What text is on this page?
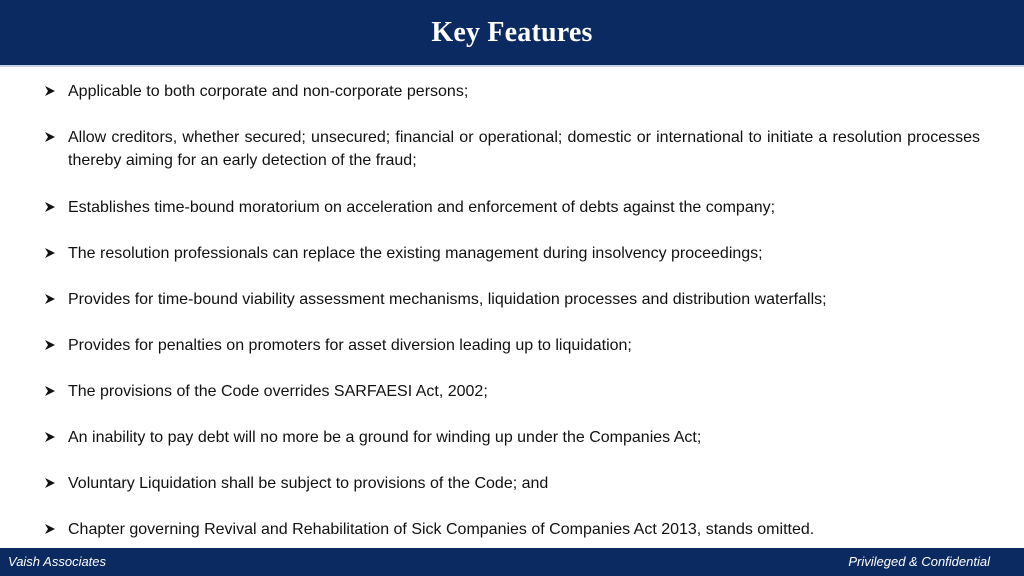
Key Features
Applicable to both corporate and non-corporate persons;
Allow creditors, whether secured; unsecured; financial or operational; domestic or international to initiate a resolution processes thereby aiming for an early detection of the fraud;
Establishes time-bound moratorium on acceleration and enforcement of debts against the company;
The resolution professionals can replace the existing management during insolvency proceedings;
Provides for time-bound viability assessment mechanisms, liquidation processes and distribution waterfalls;
Provides for penalties on promoters for asset diversion leading up to liquidation;
The provisions of the Code overrides SARFAESI Act, 2002;
An inability to pay debt will no more be a ground for winding up under the Companies Act;
Voluntary Liquidation shall be subject to provisions of the Code; and
Chapter governing Revival and Rehabilitation of Sick Companies of Companies Act 2013, stands omitted.
Vaish Associates	Privileged & Confidential
